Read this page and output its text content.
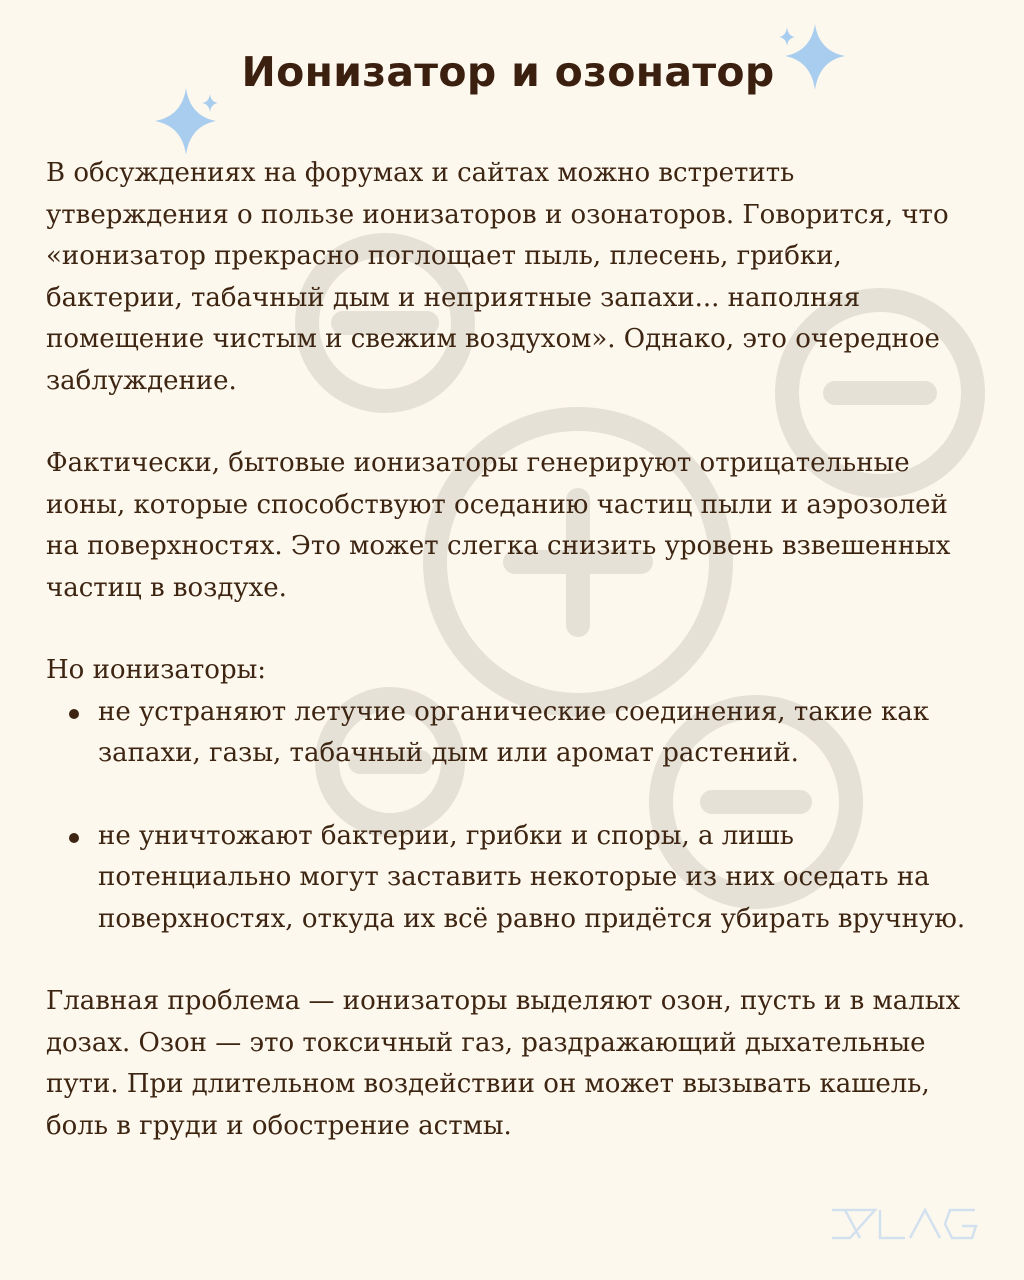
Ионизатор и озонатор

В обсуждениях на форумах и сайтах можно встретить утверждения о пользе ионизаторов и озонаторов. Говорится, что «ионизатор прекрасно поглощает пыль, плесень, грибки, бактерии, табачный дым и неприятные запахи... наполняя помещение чистым и свежим воздухом». Однако, это очередное заблуждение.

Фактически, бытовые ионизаторы генерируют отрицательные ионы, которые способствуют оседанию частиц пыли и аэрозолей на поверхностях. Это может слегка снизить уровень взвешенных частиц в воздухе.

Но ионизаторы:

не устраняют летучие органические соединения, такие как запахи, газы, табачный дым или аромат растений.
не уничтожают бактерии, грибки и споры, а лишь потенциально могут заставить некоторые из них оседать на поверхностях, откуда их всё равно придётся убирать вручную.

Главная проблема — ионизаторы выделяют озон, пусть и в малых дозах. Озон — это токсичный газ, раздражающий дыхательные пути. При длительном воздействии он может вызывать кашель, боль в груди и обострение астмы.
